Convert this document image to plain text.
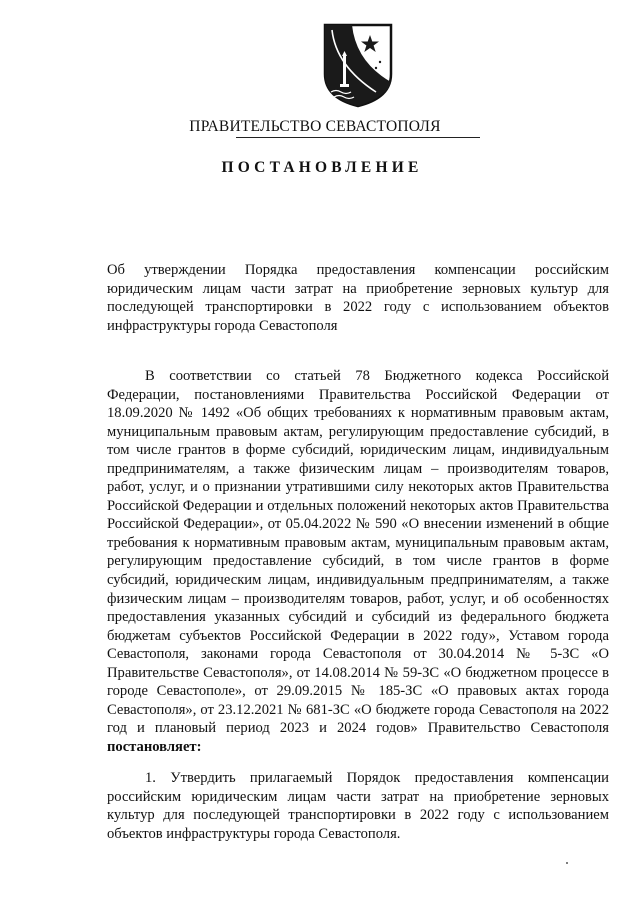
ПРАВИТЕЛЬСТВО СЕВАСТОПОЛЯ
ПОСТАНОВЛЕНИЕ
Об утверждении Порядка предоставления компенсации российским юридическим лицам части затрат на приобретение зерновых культур для последующей транспортировки в 2022 году с использованием объектов инфраструктуры города Севастополя
В соответствии со статьей 78 Бюджетного кодекса Российской Федерации, постановлениями Правительства Российской Федерации от 18.09.2020 № 1492 «Об общих требованиях к нормативным правовым актам, муниципальным правовым актам, регулирующим предоставление субсидий, в том числе грантов в форме субсидий, юридическим лицам, индивидуальным предпринимателям, а также физическим лицам – производителям товаров, работ, услуг, и о признании утратившими силу некоторых актов Правительства Российской Федерации и отдельных положений некоторых актов Правительства Российской Федерации», от 05.04.2022 № 590 «О внесении изменений в общие требования к нормативным правовым актам, муниципальным правовым актам, регулирующим предоставление субсидий, в том числе грантов в форме субсидий, юридическим лицам, индивидуальным предпринимателям, а также физическим лицам – производителям товаров, работ, услуг, и об особенностях предоставления указанных субсидий и субсидий из федерального бюджета бюджетам субъектов Российской Федерации в 2022 году», Уставом города Севастополя, законами города Севастополя от 30.04.2014 № 5-ЗС «О Правительстве Севастополя», от 14.08.2014 № 59-ЗС «О бюджетном процессе в городе Севастополе», от 29.09.2015 № 185-ЗС «О правовых актах города Севастополя», от 23.12.2021 № 681-ЗС «О бюджете города Севастополя на 2022 год и плановый период 2023 и 2024 годов» Правительство Севастополя постановляет:
1. Утвердить прилагаемый Порядок предоставления компенсации российским юридическим лицам части затрат на приобретение зерновых культур для последующей транспортировки в 2022 году с использованием объектов инфраструктуры города Севастополя.
